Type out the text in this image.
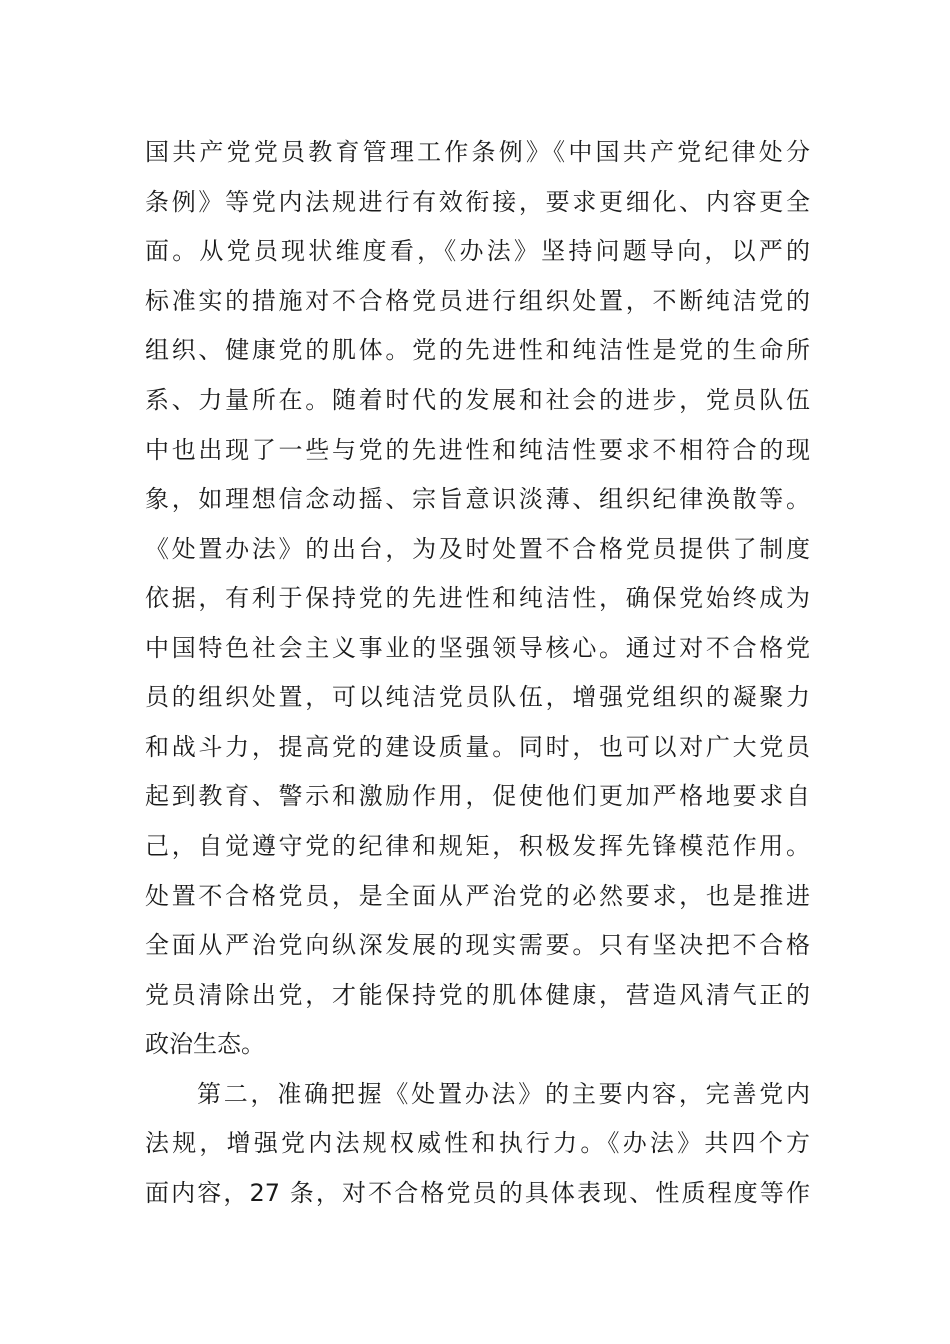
国共产党党员教育管理工作条例》《中国共产党纪律处分
条例》等党内法规进行有效衔接，要求更细化、内容更全
面。从党员现状维度看，《办法》坚持问题导向，以严的
标准实的措施对不合格党员进行组织处置，不断纯洁党的
组织、健康党的肌体。党的先进性和纯洁性是党的生命所
系、力量所在。随着时代的发展和社会的进步，党员队伍
中也出现了一些与党的先进性和纯洁性要求不相符合的现
象，如理想信念动摇、宗旨意识淡薄、组织纪律涣散等。
《处置办法》的出台，为及时处置不合格党员提供了制度
依据，有利于保持党的先进性和纯洁性，确保党始终成为
中国特色社会主义事业的坚强领导核心。通过对不合格党
员的组织处置，可以纯洁党员队伍，增强党组织的凝聚力
和战斗力，提高党的建设质量。同时，也可以对广大党员
起到教育、警示和激励作用，促使他们更加严格地要求自
己，自觉遵守党的纪律和规矩，积极发挥先锋模范作用。
处置不合格党员，是全面从严治党的必然要求，也是推进
全面从严治党向纵深发展的现实需要。只有坚决把不合格
党员清除出党，才能保持党的肌体健康，营造风清气正的
政治生态。
第二，准确把握《处置办法》的主要内容，完善党内
法规，增强党内法规权威性和执行力。《办法》共四个方
面内容，27 条，对不合格党员的具体表现、性质程度等作
